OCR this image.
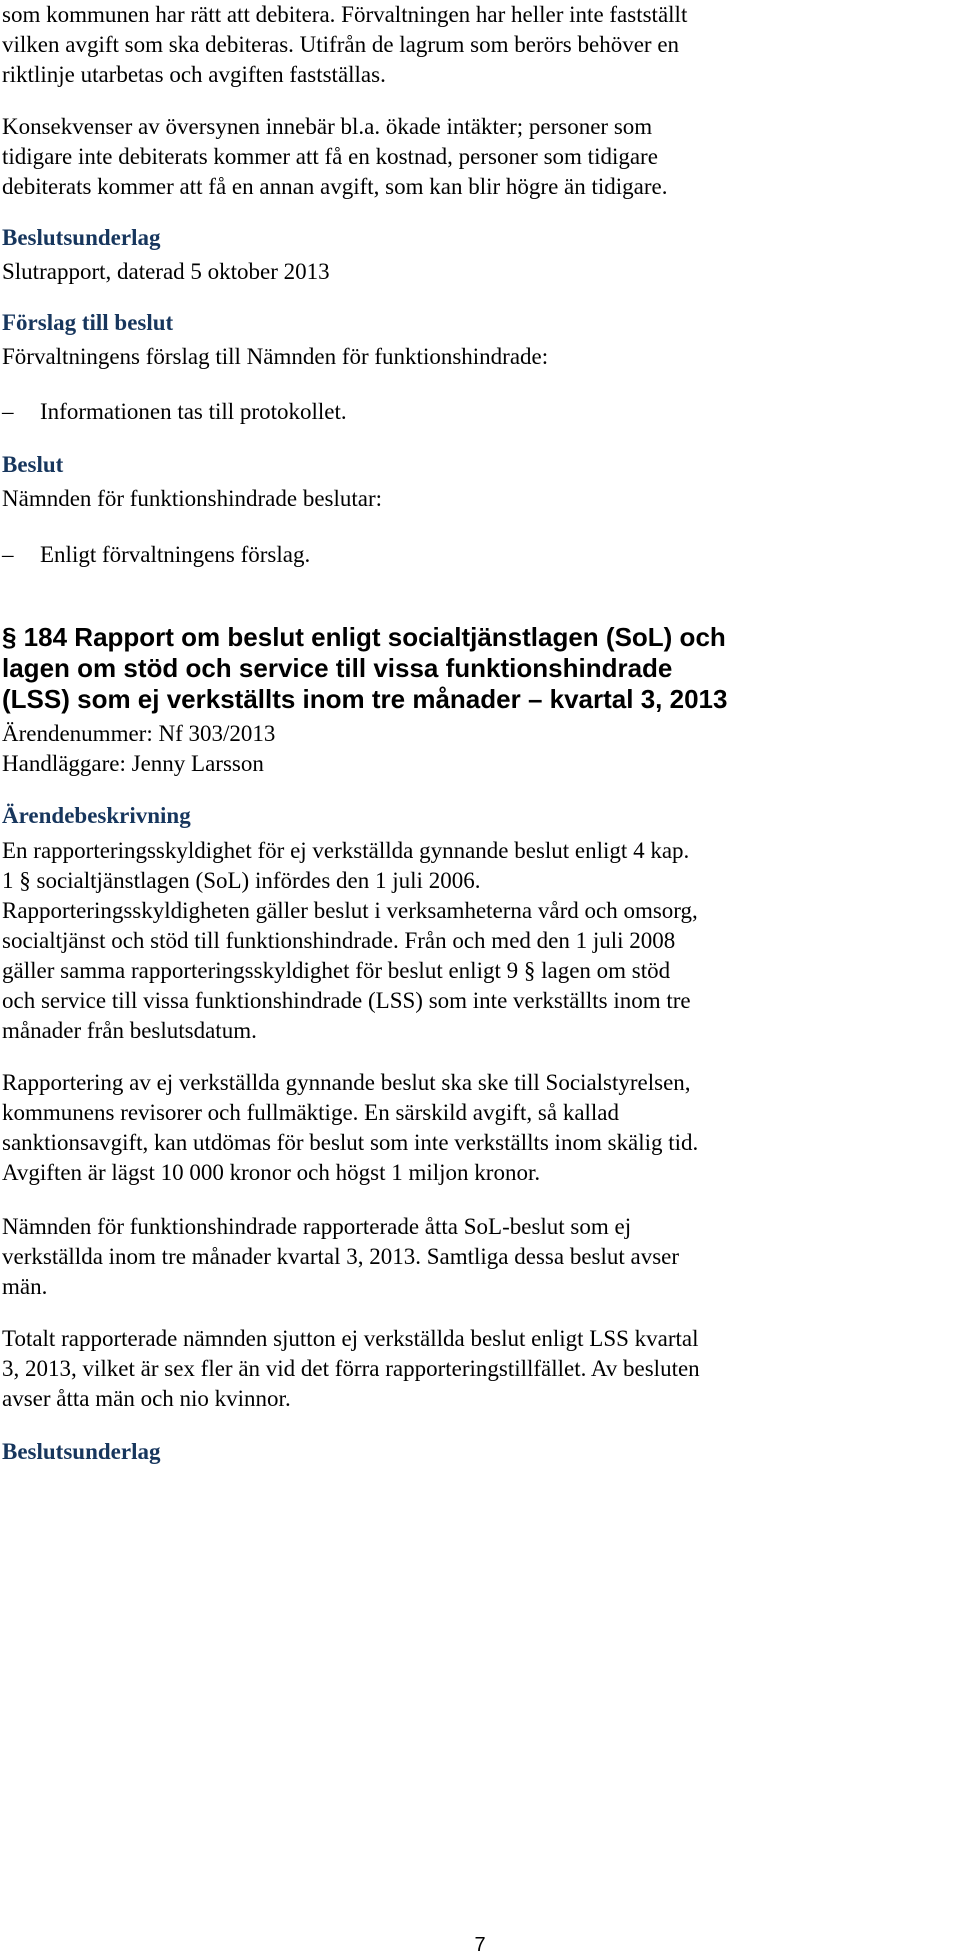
som kommunen har rätt att debitera. Förvaltningen har heller inte fastställt

vilken avgift som ska debiteras. Utifrån de lagrum som berörs behöver en

riktlinje utarbetas och avgiften fastställas.

Konsekvenser av översynen innebär bl.a. ökade intäkter; personer som

tidigare inte debiterats kommer att få en kostnad, personer som tidigare

debiterats kommer att få en annan avgift, som kan blir högre än tidigare.

Beslutsunderlag

Slutrapport, daterad 5 oktober 2013

Förslag till beslut

Förvaltningens förslag till Nämnden för funktionshindrade:

– Informationen tas till protokollet.

Beslut

Nämnden för funktionshindrade beslutar:

– Enligt förvaltningens förslag.

§ 184 Rapport om beslut enligt socialtjänstlagen (SoL) och

lagen om stöd och service till vissa funktionshindrade

(LSS) som ej verkställts inom tre månader – kvartal 3, 2013

Ärendenummer: Nf 303/2013

Handläggare: Jenny Larsson

Ärendebeskrivning

En rapporteringsskyldighet för ej verkställda gynnande beslut enligt 4 kap.

1 § socialtjänstlagen (SoL) infördes den 1 juli 2006.

Rapporteringsskyldigheten gäller beslut i verksamheterna vård och omsorg,

socialtjänst och stöd till funktionshindrade. Från och med den 1 juli 2008

gäller samma rapporteringsskyldighet för beslut enligt 9 § lagen om stöd

och service till vissa funktionshindrade (LSS) som inte verkställts inom tre

månader från beslutsdatum.

Rapportering av ej verkställda gynnande beslut ska ske till Socialstyrelsen,

kommunens revisorer och fullmäktige. En särskild avgift, så kallad

sanktionsavgift, kan utdömas för beslut som inte verkställts inom skälig tid.

Avgiften är lägst 10 000 kronor och högst 1 miljon kronor.

Nämnden för funktionshindrade rapporterade åtta SoL-beslut som ej

verkställda inom tre månader kvartal 3, 2013. Samtliga dessa beslut avser

män.

Totalt rapporterade nämnden sjutton ej verkställda beslut enligt LSS kvartal

3, 2013, vilket är sex fler än vid det förra rapporteringstillfället. Av besluten

avser åtta män och nio kvinnor.

Beslutsunderlag

7
